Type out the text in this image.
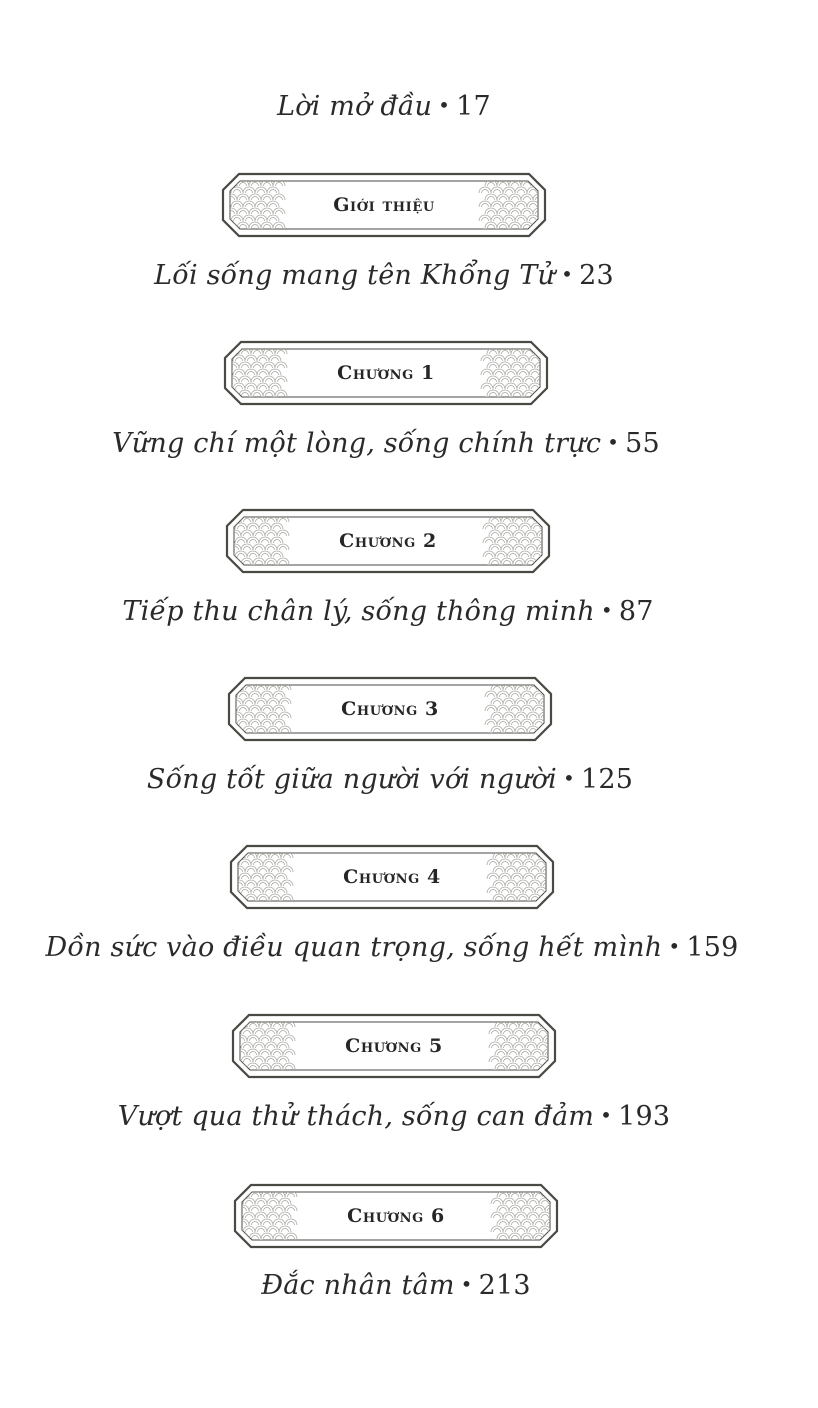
Lời mở đầu • 17
Giới thiệu
Lối sống mang tên Khổng Tử • 23
Chương 1
Vững chí một lòng, sống chính trực • 55
Chương 2
Tiếp thu chân lý, sống thông minh • 87
Chương 3
Sống tốt giữa người với người • 125
Chương 4
Dồn sức vào điều quan trọng, sống hết mình • 159
Chương 5
Vượt qua thử thách, sống can đảm • 193
Chương 6
Đắc nhân tâm • 213
